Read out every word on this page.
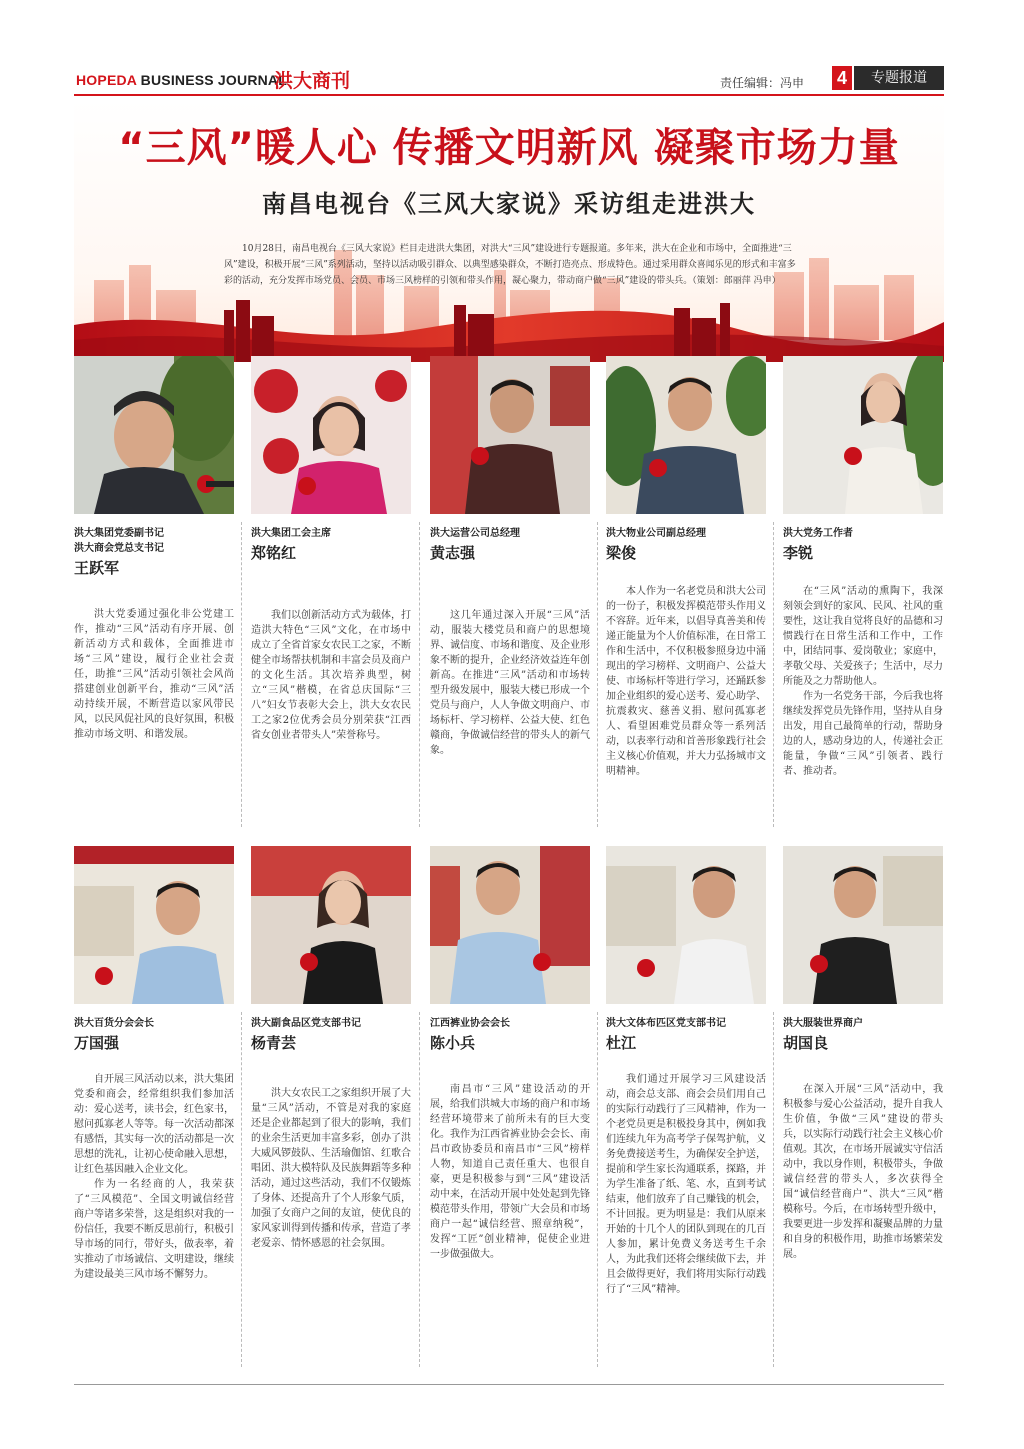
HOPEDA BUSINESS JOURNAL
洪大商刊	责任编辑：冯申 4	专题报道
“三风”暖人心 传播文明新风 凝聚市场力量
南昌电视台《三风大家说》采访组走进洪大

10月28日，南昌电视台《三风大家说》栏目走进洪大集团，对洪大“三风”建设进行专题报道。多年来，洪大在企业和市场中，全面推进“三风”建设，积极开展“三风”系列活动，坚持以活动吸引群众、以典型感染群众，不断打造亮点、形成特色。通过采用群众喜闻乐见的形式和丰富多彩的活动，充分发挥市场党员、会员、市场三风榜样的引领和带头作用，凝心聚力，带动商户做“三风”建设的带头兵。（策划：郎丽萍 冯申）

洪大集团党委副书记
洪大商会党总支书记
王跃军

洪大党委通过强化非公党建工作，推动“三风”活动有序开展、创新活动方式和载体，全面推进市场“三风”建设，履行企业社会责任，助推“三风”活动引领社会风尚搭建创业创新平台，推动“三风”活动持续开展，不断营造以家风带民风，以民风促社风的良好氛围，积极推动市场文明、和谐发展。

洪大集团工会主席
郑铭红

我们以创新活动方式为载体，打造洪大特色“三风”文化，在市场中成立了全省首家女农民工之家，不断健全市场帮扶机制和丰富会员及商户的文化生活。其次培养典型，树立“三风”楷模，在省总庆国际“三八”妇女节表彰大会上，洪大女农民工之家2位优秀会员分别荣获“江西省女创业者带头人”荣誉称号。

洪大运营公司总经理
黄志强

这几年通过深入开展“三风”活动，服装大楼党员和商户的思想境界、诚信度、市场和谐度、及企业形象不断的提升，企业经济效益连年创新高。在推进“三风”活动和市场转型升级发展中，服装大楼已形成一个党员与商户，人人争做文明商户、市场标杆、学习榜样、公益大使、红色赣商，争做诚信经营的带头人的新气象。

洪大物业公司副总经理
梁俊

本人作为一名老党员和洪大公司的一份子，积极发挥模范带头作用义不容辞。近年来，以倡导真善美和传递正能量为个人价值标准，在日常工作和生活中，不仅积极参照身边中涌现出的学习榜样、文明商户、公益大使、市场标杆等进行学习，还踊跃参加企业组织的爱心送考、爱心助学、抗震救灾、慈善义捐、慰问孤寡老人、看望困难党员群众等一系列活动，以表率行动和首善形象践行社会主义核心价值观，并大力弘扬城市文明精神。

洪大党务工作者
李锐

在“三风”活动的熏陶下，我深刻领会到好的家风、民风、社风的重要性，这让我自觉将良好的品德和习惯践行在日常生活和工作中，工作中，团结同事、爱岗敬业；家庭中，孝敬父母、关爱孩子；生活中，尽力所能及之力帮助他人。

作为一名党务干部，今后我也将继续发挥党员先锋作用，坚持从自身出发，用自己最简单的行动，帮助身边的人，感动身边的人，传递社会正能量，争做“三风”引领者、践行者、推动者。

洪大百货分会会长
万国强

自开展三风活动以来，洪大集团党委和商会，经常组织我们参加活动：爱心送考，读书会，红色家书，慰问孤寡老人等等。每一次活动都深有感悟，其实每一次的活动都是一次思想的洗礼，让初心使命融入思想，让红色基因融入企业文化。

作为一名经商的人，我荣获了“三风模范”、全国文明诚信经营商户等诸多荣誉，这是组织对我的一份信任，我要不断反思前行，积极引导市场的同行，带好头，做表率，着实推动了市场诚信、文明建设，继续为建设最美三风市场不懈努力。

洪大副食品区党支部书记
杨青芸

洪大女农民工之家组织开展了大量“三风”活动，不管是对我的家庭还是企业都起到了很大的影响，我们的业余生活更加丰富多彩，创办了洪大威风锣鼓队、生活瑜伽馆、红歌合唱团、洪大模特队及民族舞蹈等多种活动，通过这些活动，我们不仅锻炼了身体、还提高升了个人形象气质，加强了女商户之间的友谊，使优良的家风家训得到传播和传承，营造了孝老爱亲、情怀感恩的社会氛围。

江西裤业协会会长
陈小兵

南昌市“三风”建设活动的开展，给我们洪城大市场的商户和市场经营环境带来了前所未有的巨大变化。我作为江西省裤业协会会长、南昌市政协委员和南昌市“三风”榜样人物，知道自己责任重大、也很自豪，更是积极参与到“三风”建设活动中来，在活动开展中处处起到先锋模范带头作用，带领广大会员和市场商户一起“诚信经营、照章纳税”，发挥“工匠”创业精神，促使企业进一步做强做大。

洪大文体布匹区党支部书记
杜江

我们通过开展学习三风建设活动，商会总支部、商会会员们用自己的实际行动践行了三风精神，作为一个老党员更是积极投身其中，例如我们连续九年为高考学子保驾护航，义务免费接送考生，为确保安全护送，提前和学生家长沟通联系，探路，并为学生准备了纸、笔、水，直到考试结束，他们放弃了自己赚钱的机会，不计回报。更为明显是：我们从原来开始的十几个人的团队到现在的几百人参加，累计免费义务送考生千余人，为此我们还将会继续做下去，并且会做得更好，我们将用实际行动践行了“三风”精神。

洪大服装世界商户
胡国良

在深入开展“三风”活动中，我积极参与爱心公益活动，提升自我人生价值，争做“三风”建设的带头兵，以实际行动践行社会主义核心价值观。其次，在市场开展诚实守信活动中，我以身作则，积极带头，争做诚信经营的带头人，多次获得全国“诚信经营商户”、洪大“三风”楷模称号。今后，在市场转型升级中，我要更进一步发挥和凝聚品牌的力量和自身的积极作用，助推市场繁荣发展。
